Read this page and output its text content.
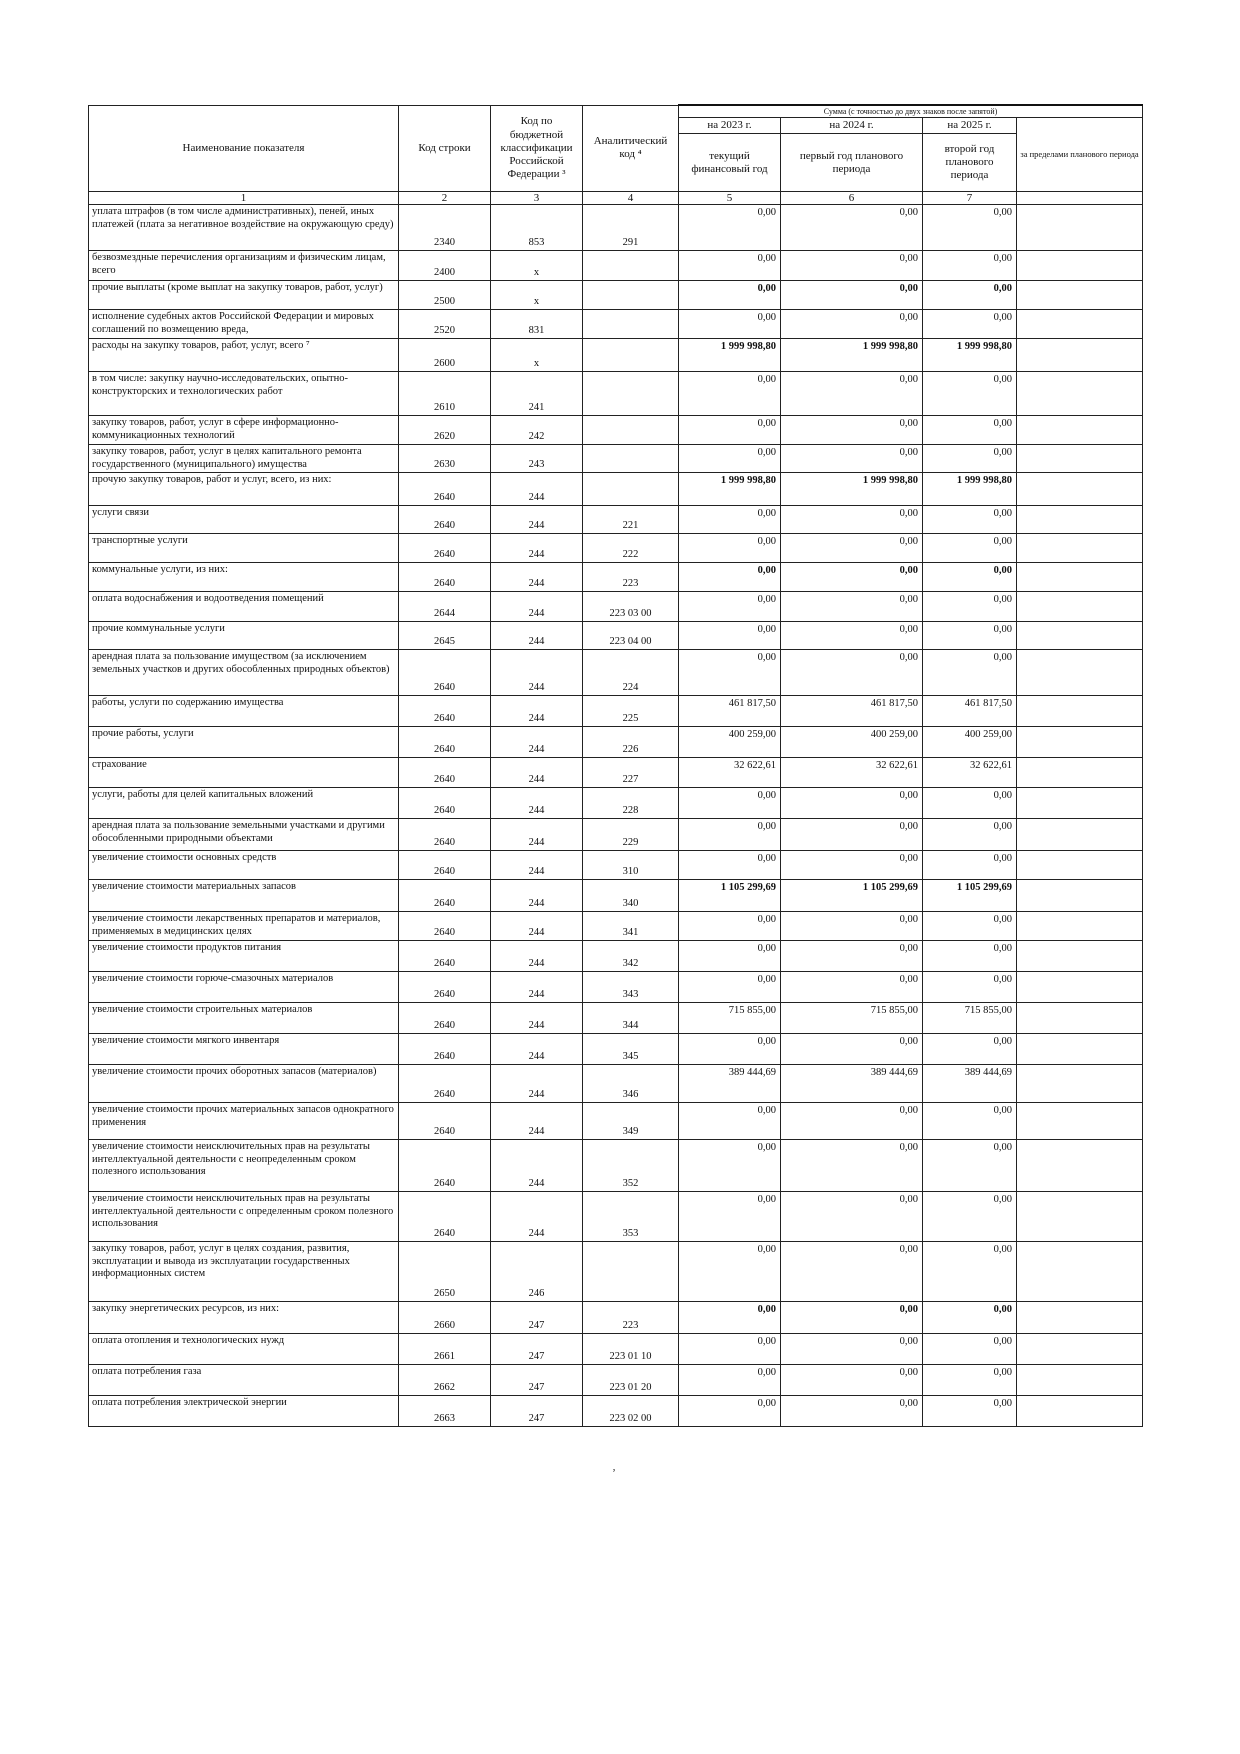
Наименование показателя	Код строки	Код по
бюджетной
классификации
Российской
Федерации ³	Аналитический
код ⁴	Сумма (с точностью до двух знаков после запятой)			
				на 2023 г.	на 2024 г.	на 2025 г.	за пределами планового периода
				текущий финансовый год	первый год планового периода	второй год планового периода	
1	2	3	4	5	6	7	
уплата штрафов (в том числе административных), пеней, иных платежей (плата за негативное воздействие на окружающую среду)	2340	853	291	0,00	0,00	0,00	
безвозмездные перечисления организациям и физическим лицам, всего	2400	х		0,00	0,00	0,00	
прочие выплаты (кроме выплат на закупку товаров, работ, услуг)	2500	х		0,00	0,00	0,00	
исполнение судебных актов Российской Федерации и мировых соглашений по возмещению вреда,	2520	831		0,00	0,00	0,00	
расходы на закупку товаров, работ, услуг, всего ⁷	2600	х		1 999 998,80	1 999 998,80	1 999 998,80	
в том числе: закупку научно-исследовательских, опытно-конструкторских и технологических работ	2610	241		0,00	0,00	0,00	
закупку товаров, работ, услуг в сфере информационно-коммуникационных технологий	2620	242		0,00	0,00	0,00	
закупку товаров, работ, услуг в целях капитального ремонта государственного (муниципального) имущества	2630	243		0,00	0,00	0,00	
прочую закупку товаров, работ и услуг, всего, из них:	2640	244		1 999 998,80	1 999 998,80	1 999 998,80	
услуги связи	2640	244	221	0,00	0,00	0,00	
транспортные услуги	2640	244	222	0,00	0,00	0,00	
коммунальные услуги, из них:	2640	244	223	0,00	0,00	0,00	
оплата водоснабжения и водоотведения помещений	2644	244	223 03 00	0,00	0,00	0,00	
прочие коммунальные услуги	2645	244	223 04 00	0,00	0,00	0,00	
арендная плата за пользование имуществом (за исключением земельных участков и других обособленных природных объектов)	2640	244	224	0,00	0,00	0,00	
работы, услуги по содержанию имущества	2640	244	225	461 817,50	461 817,50	461 817,50	
прочие работы, услуги	2640	244	226	400 259,00	400 259,00	400 259,00	
страхование	2640	244	227	32 622,61	32 622,61	32 622,61	
услуги, работы для целей капитальных вложений	2640	244	228	0,00	0,00	0,00	
арендная плата за пользование земельными участками и другими обособленными природными объектами	2640	244	229	0,00	0,00	0,00	
увеличение стоимости основных средств	2640	244	310	0,00	0,00	0,00	
увеличение стоимости материальных запасов	2640	244	340	1 105 299,69	1 105 299,69	1 105 299,69	
увеличение стоимости лекарственных препаратов и материалов, применяемых в медицинских целях	2640	244	341	0,00	0,00	0,00	
увеличение стоимости продуктов питания	2640	244	342	0,00	0,00	0,00	
увеличение стоимости горюче-смазочных материалов	2640	244	343	0,00	0,00	0,00	
увеличение стоимости строительных материалов	2640	244	344	715 855,00	715 855,00	715 855,00	
увеличение стоимости мягкого инвентаря	2640	244	345	0,00	0,00	0,00	
увеличение стоимости прочих оборотных запасов (материалов)	2640	244	346	389 444,69	389 444,69	389 444,69	
увеличение стоимости прочих материальных запасов однократного применения	2640	244	349	0,00	0,00	0,00	
увеличение стоимости неисключительных прав на результаты интеллектуальной деятельности с неопределенным сроком полезного использования	2640	244	352	0,00	0,00	0,00	
увеличение стоимости неисключительных прав на результаты интеллектуальной деятельности с определенным сроком полезного использования	2640	244	353	0,00	0,00	0,00	
закупку товаров, работ, услуг в целях создания, развития, эксплуатации и вывода из эксплуатации государственных информационных систем	2650	246		0,00	0,00	0,00	
закупку энергетических ресурсов, из них:	2660	247	223	0,00	0,00	0,00	
оплата отопления и технологических нужд	2661	247	223 01 10	0,00	0,00	0,00	
оплата потребления газа	2662	247	223 01 20	0,00	0,00	0,00	
оплата потребления электрической энергии	2663	247	223 02 00	0,00	0,00	0,00	
ʼ
